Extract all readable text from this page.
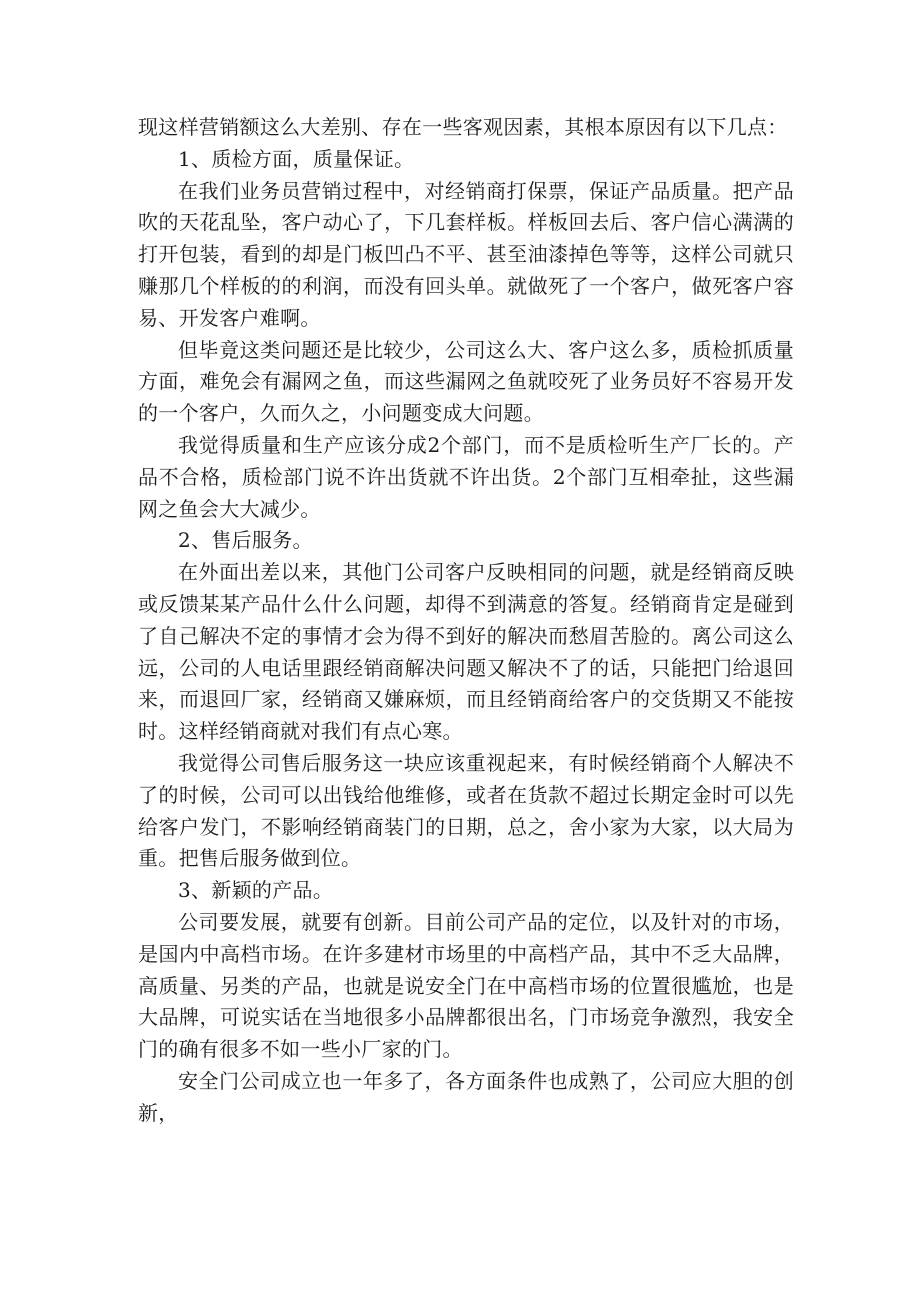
现这样营销额这么大差别、存在一些客观因素，其根本原因有以下几点：

1、质检方面，质量保证。

在我们业务员营销过程中，对经销商打保票，保证产品质量。把产品吹的天花乱坠，客户动心了，下几套样板。样板回去后、客户信心满满的打开包装，看到的却是门板凹凸不平、甚至油漆掉色等等，这样公司就只赚那几个样板的的利润，而没有回头单。就做死了一个客户，做死客户容易、开发客户难啊。

但毕竟这类问题还是比较少，公司这么大、客户这么多，质检抓质量方面，难免会有漏网之鱼，而这些漏网之鱼就咬死了业务员好不容易开发的一个客户，久而久之，小问题变成大问题。

我觉得质量和生产应该分成2个部门，而不是质检听生产厂长的。产品不合格，质检部门说不许出货就不许出货。2个部门互相牵扯，这些漏网之鱼会大大减少。

2、售后服务。

在外面出差以来，其他门公司客户反映相同的问题，就是经销商反映或反馈某某产品什么什么问题，却得不到满意的答复。经销商肯定是碰到了自己解决不定的事情才会为得不到好的解决而愁眉苦脸的。离公司这么远，公司的人电话里跟经销商解决问题又解决不了的话，只能把门给退回来，而退回厂家，经销商又嫌麻烦，而且经销商给客户的交货期又不能按时。这样经销商就对我们有点心寒。

我觉得公司售后服务这一块应该重视起来，有时候经销商个人解决不了的时候，公司可以出钱给他维修，或者在货款不超过长期定金时可以先给客户发门，不影响经销商装门的日期，总之，舍小家为大家，以大局为重。把售后服务做到位。

3、新颖的产品。

公司要发展，就要有创新。目前公司产品的定位，以及针对的市场，是国内中高档市场。在许多建材市场里的中高档产品，其中不乏大品牌，高质量、另类的产品，也就是说安全门在中高档市场的位置很尴尬，也是大品牌，可说实话在当地很多小品牌都很出名，门市场竞争激烈，我安全门的确有很多不如一些小厂家的门。

安全门公司成立也一年多了，各方面条件也成熟了，公司应大胆的创新，
